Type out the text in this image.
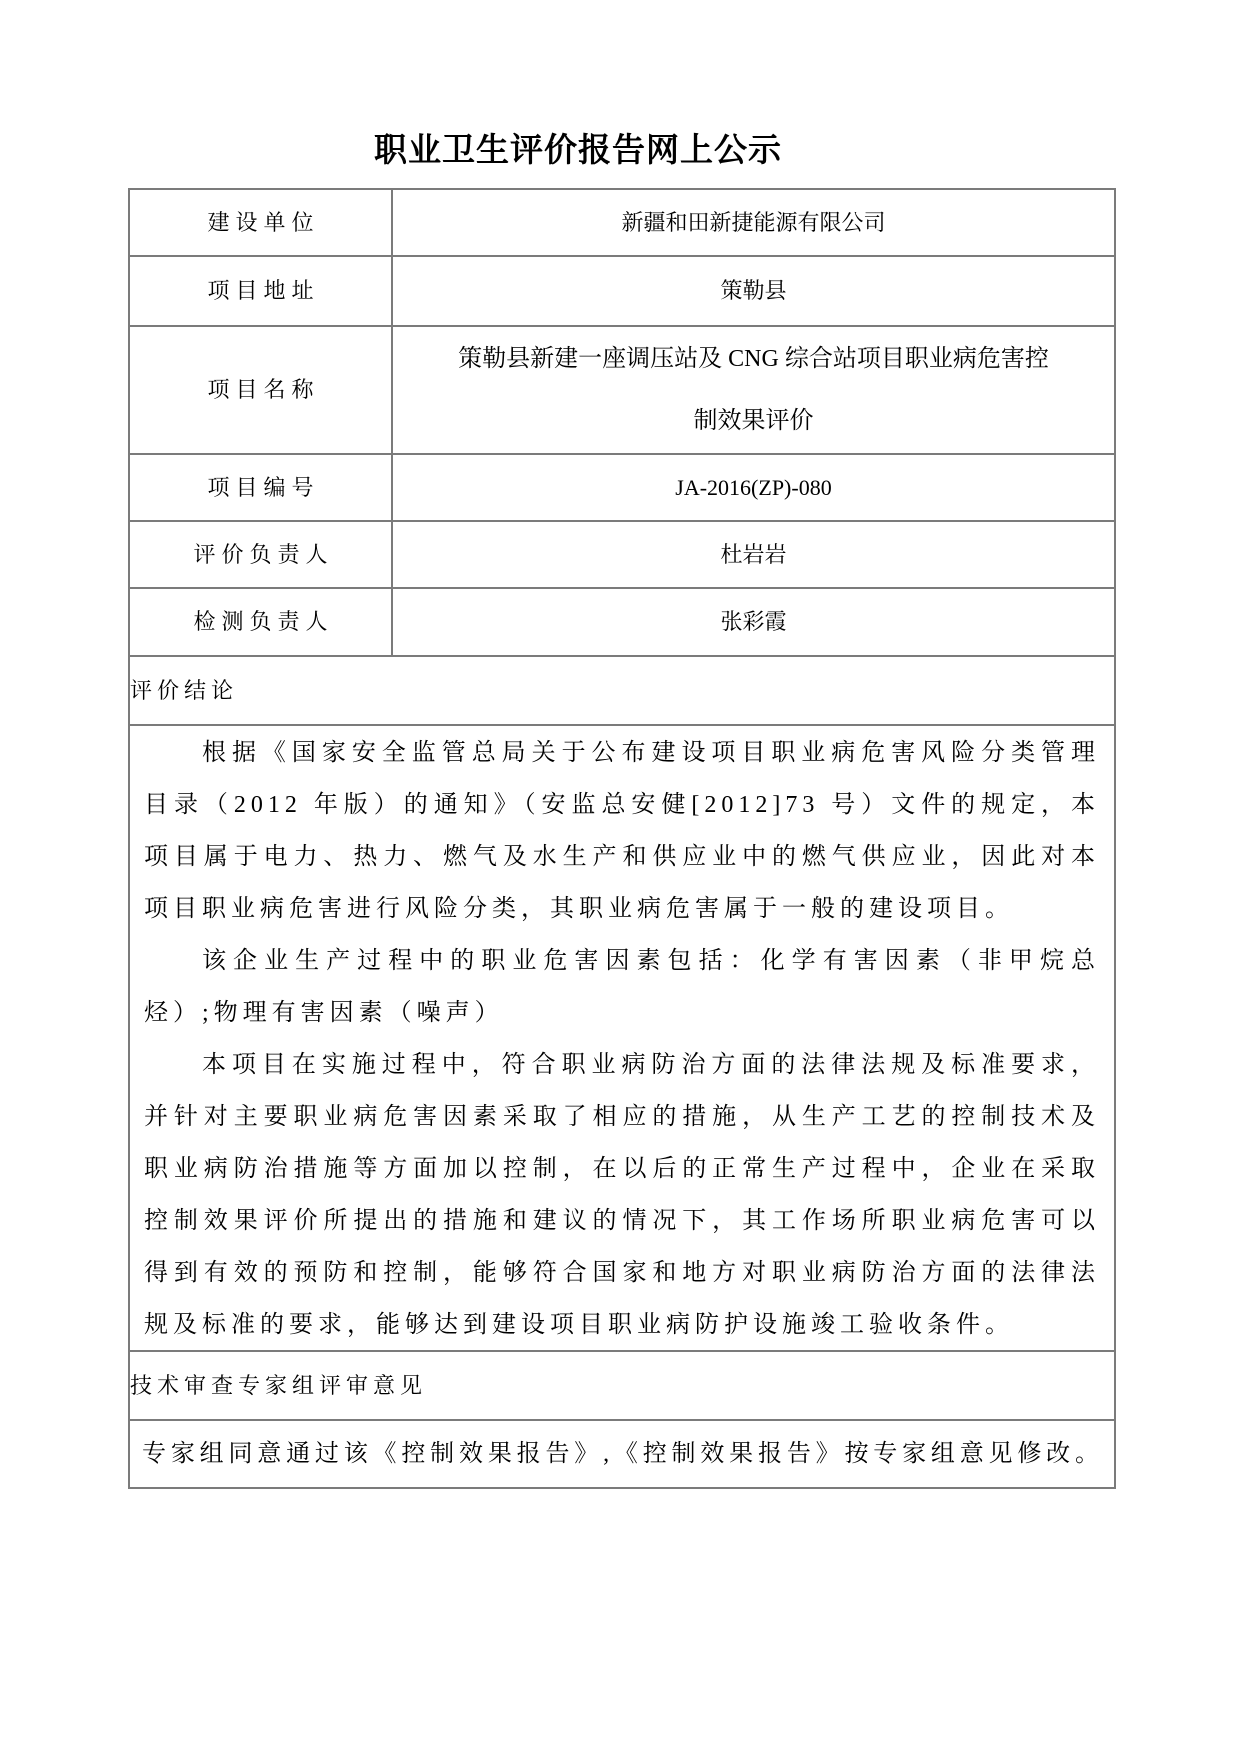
职业卫生评价报告网上公示
建设单位	新疆和田新捷能源有限公司
项目地址	策勒县
项目名称	策勒县新建一座调压站及 CNG 综合站项目职业病危害控
制效果评价

项目编号	JA-2016(ZP)-080
评价负责人	杜岩岩
检测负责人	张彩霞
评价结论	

根据《国家安全监管总局关于公布建设项目职业病危害风险分类管理目录（2012 年版）的通知》（安监总安健[2012]73 号）文件的规定，本项目属于电力、热力、燃气及水生产和供应业中的燃气供应业，因此对本项目职业病危害进行风险分类，其职业病危害属于一般的建设项目。

该企业生产过程中的职业危害因素包括：化学有害因素（非甲烷总烃）;物理有害因素（噪声）

本项目在实施过程中，符合职业病防治方面的法律法规及标准要求，并针对主要职业病危害因素采取了相应的措施，从生产工艺的控制技术及职业病防治措施等方面加以控制，在以后的正常生产过程中，企业在采取控制效果评价所提出的措施和建议的情况下，其工作场所职业病危害可以得到有效的预防和控制，能够符合国家和地方对职业病防治方面的法律法规及标准的要求，能够达到建设项目职业病防护设施竣工验收条件。	

技术审查专家组评审意见	

专家组同意通过该《控制效果报告》,《控制效果报告》按专家组意见修改。	
